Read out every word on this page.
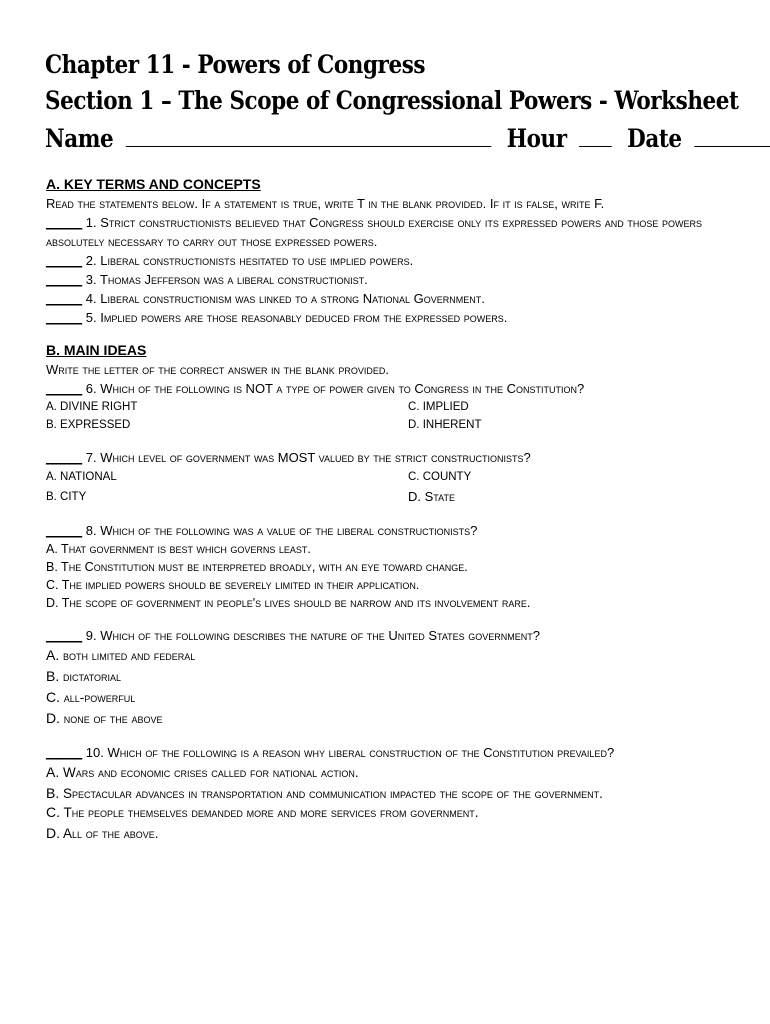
Chapter 11 - Powers of Congress
Section 1 – The Scope of Congressional Powers - Worksheet
Name	Hour Date

A. KEY TERMS AND CONCEPTS

Read the statements below. If a statement is true, write T in the blank provided. If it is false, write F.

_____ 1. Strict constructionists believed that Congress should exercise only its expressed powers and those powers absolutely necessary to carry out those expressed powers.

_____ 2. Liberal constructionists hesitated to use implied powers.

_____ 3. Thomas Jefferson was a liberal constructionist.

_____ 4. Liberal constructionism was linked to a strong National Government.

_____ 5. Implied powers are those reasonably deduced from the expressed powers.

B. MAIN IDEAS

Write the letter of the correct answer in the blank provided.

_____ 6. Which of the following is NOT a type of power given to Congress in the Constitution?

A. DIVINE RIGHT	C. IMPLIED
B. EXPRESSED	D. INHERENT

_____ 7. Which level of government was MOST valued by the strict constructionists?

A. NATIONAL	C. COUNTY
B. CITY	D. State

_____ 8. Which of the following was a value of the liberal constructionists?

A. That government is best which governs least.

B. The Constitution must be interpreted broadly, with an eye toward change.

C. The implied powers should be severely limited in their application.

D. The scope of government in people's lives should be narrow and its involvement rare.

_____ 9. Which of the following describes the nature of the United States government?

A. both limited and federal

B. dictatorial

C. all-powerful

D. none of the above

_____ 10. Which of the following is a reason why liberal construction of the Constitution prevailed?

A. Wars and economic crises called for national action.

B. Spectacular advances in transportation and communication impacted the scope of the government.

C. The people themselves demanded more and more services from government.

D. All of the above.
